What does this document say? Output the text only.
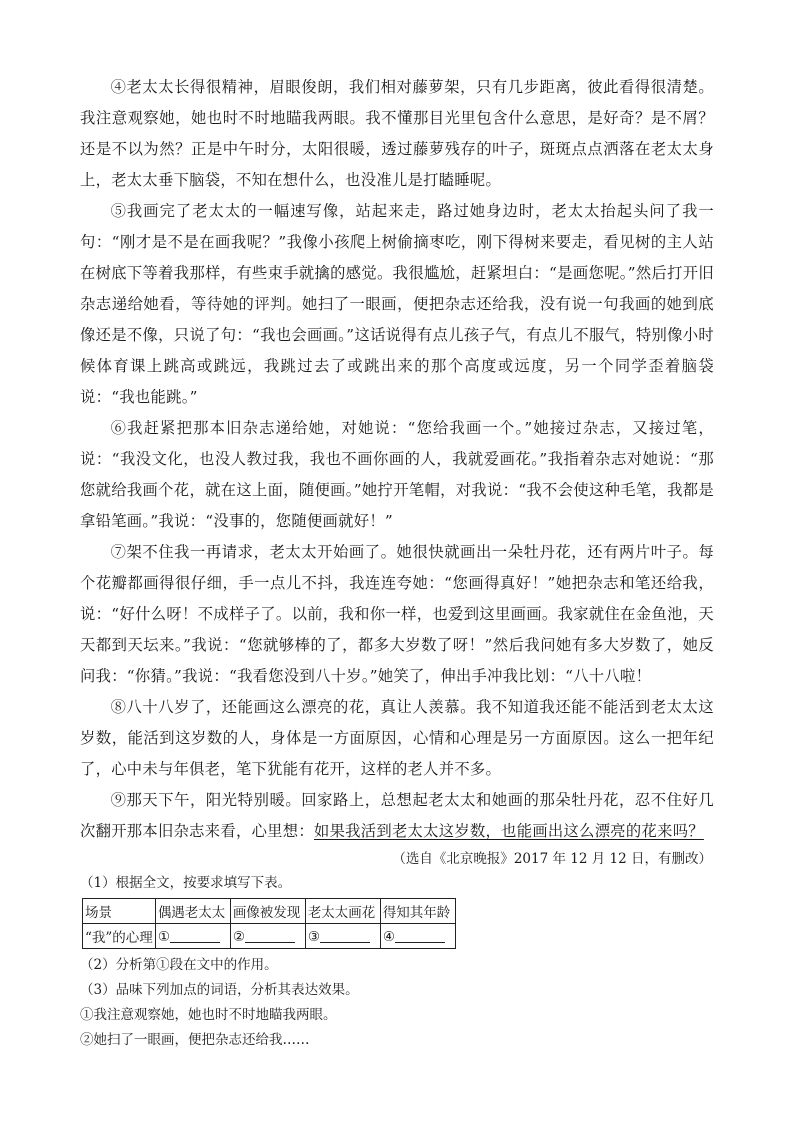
④老太太长得很精神，眉眼俊朗，我们相对藤萝架，只有几步距离，彼此看得很清楚。我注意观察她，她也时不时地瞄我两眼。我不懂那目光里包含什么意思，是好奇？是不屑？还是不以为然？正是中午时分，太阳很暖，透过藤萝残存的叶子，斑斑点点洒落在老太太身上，老太太垂下脑袋，不知在想什么，也没准儿是打瞌睡呢。

⑤我画完了老太太的一幅速写像，站起来走，路过她身边时，老太太抬起头问了我一句：“刚才是不是在画我呢？”我像小孩爬上树偷摘枣吃，刚下得树来要走，看见树的主人站在树底下等着我那样，有些束手就擒的感觉。我很尴尬，赶紧坦白：“是画您呢。”然后打开旧杂志递给她看，等待她的评判。她扫了一眼画，便把杂志还给我，没有说一句我画的她到底像还是不像，只说了句：“我也会画画。”这话说得有点儿孩子气，有点儿不服气，特别像小时候体育课上跳高或跳远，我跳过去了或跳出来的那个高度或远度，另一个同学歪着脑袋说：“我也能跳。”

⑥我赶紧把那本旧杂志递给她，对她说：“您给我画一个。”她接过杂志，又接过笔，说：“我没文化，也没人教过我，我也不画你画的人，我就爱画花。”我指着杂志对她说：“那您就给我画个花，就在这上面，随便画。”她拧开笔帽，对我说：“我不会使这种毛笔，我都是拿铅笔画。”我说：“没事的，您随便画就好！”

⑦架不住我一再请求，老太太开始画了。她很快就画出一朵牡丹花，还有两片叶子。每个花瓣都画得很仔细，手一点儿不抖，我连连夸她：“您画得真好！”她把杂志和笔还给我，说：“好什么呀！不成样子了。以前，我和你一样，也爱到这里画画。我家就住在金鱼池，天天都到天坛来。”我说：“您就够棒的了，都多大岁数了呀！”然后我问她有多大岁数了，她反问我：“你猜。”我说：“我看您没到八十岁。”她笑了，伸出手冲我比划：“八十八啦！

⑧八十八岁了，还能画这么漂亮的花，真让人羡慕。我不知道我还能不能活到老太太这岁数，能活到这岁数的人，身体是一方面原因，心情和心理是另一方面原因。这么一把年纪了，心中未与年俱老，笔下犹能有花开，这样的老人并不多。

⑨那天下午，阳光特别暖。回家路上，总想起老太太和她画的那朵牡丹花，忍不住好几次翻开那本旧杂志来看，心里想：如果我活到老太太这岁数，也能画出这么漂亮的花来吗？

（选自《北京晚报》2017 年 12 月 12 日，有删改）

（1）根据全文，按要求填写下表。

场景	偶遇老太太	画像被发现	老太太画花	得知其年龄
“我”的心理	①	②	③	④

（2）分析第①段在文中的作用。

（3）品味下列加点的词语，分析其表达效果。

①我注意观察她，她也时不时地瞄我两眼。

②她扫了一眼画，便把杂志还给我……
